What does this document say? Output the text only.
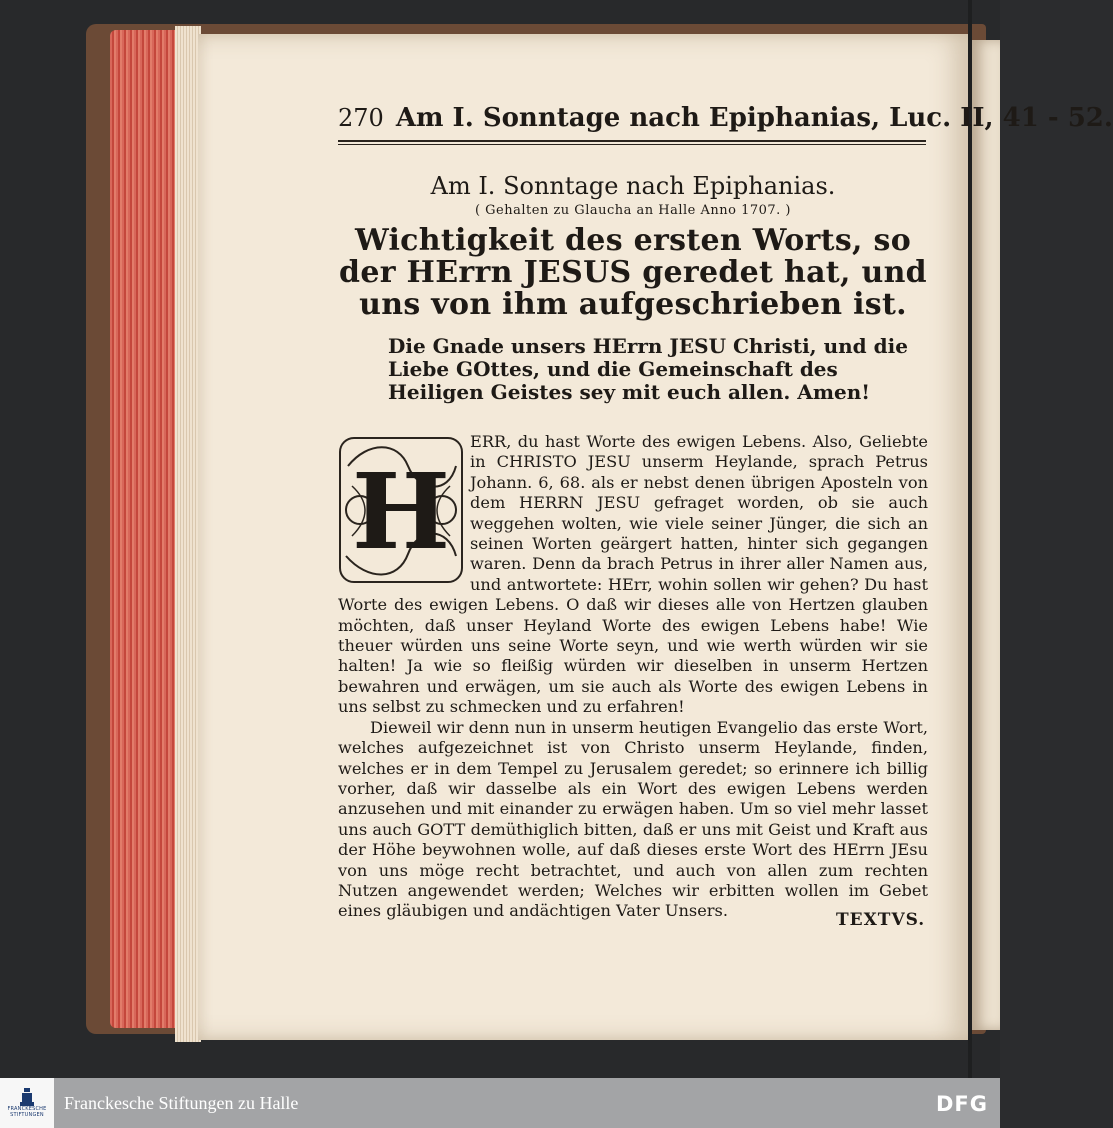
270 Am I. Sonntage nach Epiphanias, Luc. II, 41 - 52.
Am I. Sonntage nach Epiphanias.
( Gehalten zu Glaucha an Halle Anno 1707. )
Wichtigkeit des ersten Worts, so der HErrn JESUS geredet hat, und uns von ihm aufgeschrieben ist.
Die Gnade unsers HErrn JESU Christi, und die Liebe GOttes, und die Gemeinschaft des Heiligen Geistes sey mit euch allen. Amen!
H

ERR, du hast Worte des ewigen Lebens. Also, Geliebte in CHRISTO JESU unserm Heylande, sprach Petrus Johann. 6, 68. als er nebst denen übrigen Aposteln von dem HERRN JESU gefraget worden, ob sie auch weggehen wolten, wie viele seiner Jünger, die sich an seinen Worten geärgert hatten, hinter sich gegangen waren. Denn da brach Petrus in ihrer aller Namen aus, und antwortete: HErr, wohin sollen wir gehen? Du hast Worte des ewigen Lebens. O daß wir dieses alle von Hertzen glauben möchten, daß unser Heyland Worte des ewigen Lebens habe! Wie theuer würden uns seine Worte seyn, und wie werth würden wir sie halten! Ja wie so fleißig würden wir dieselben in unserm Hertzen bewahren und erwägen, um sie auch als Worte des ewigen Lebens in uns selbst zu schmecken und zu erfahren!

Dieweil wir denn nun in unserm heutigen Evangelio das erste Wort, welches aufgezeichnet ist von Christo unserm Heylande, finden, welches er in dem Tempel zu Jerusalem geredet; so erinnere ich billig vorher, daß wir dasselbe als ein Wort des ewigen Lebens werden anzusehen und mit einander zu erwägen haben. Um so viel mehr lasset uns auch GOTT demüthiglich bitten, daß er uns mit Geist und Kraft aus der Höhe beywohnen wolle, auf daß dieses erste Wort des HErrn JEsu von uns möge recht betrachtet, und auch von allen zum rechten Nutzen angewendet werden; Welches wir erbitten wollen im Gebet eines gläubigen und andächtigen Vater Unsers.	TEXTVS.
FRANCKESCHE STIFTUNGEN
Franckesche Stiftungen zu Halle	DFG
